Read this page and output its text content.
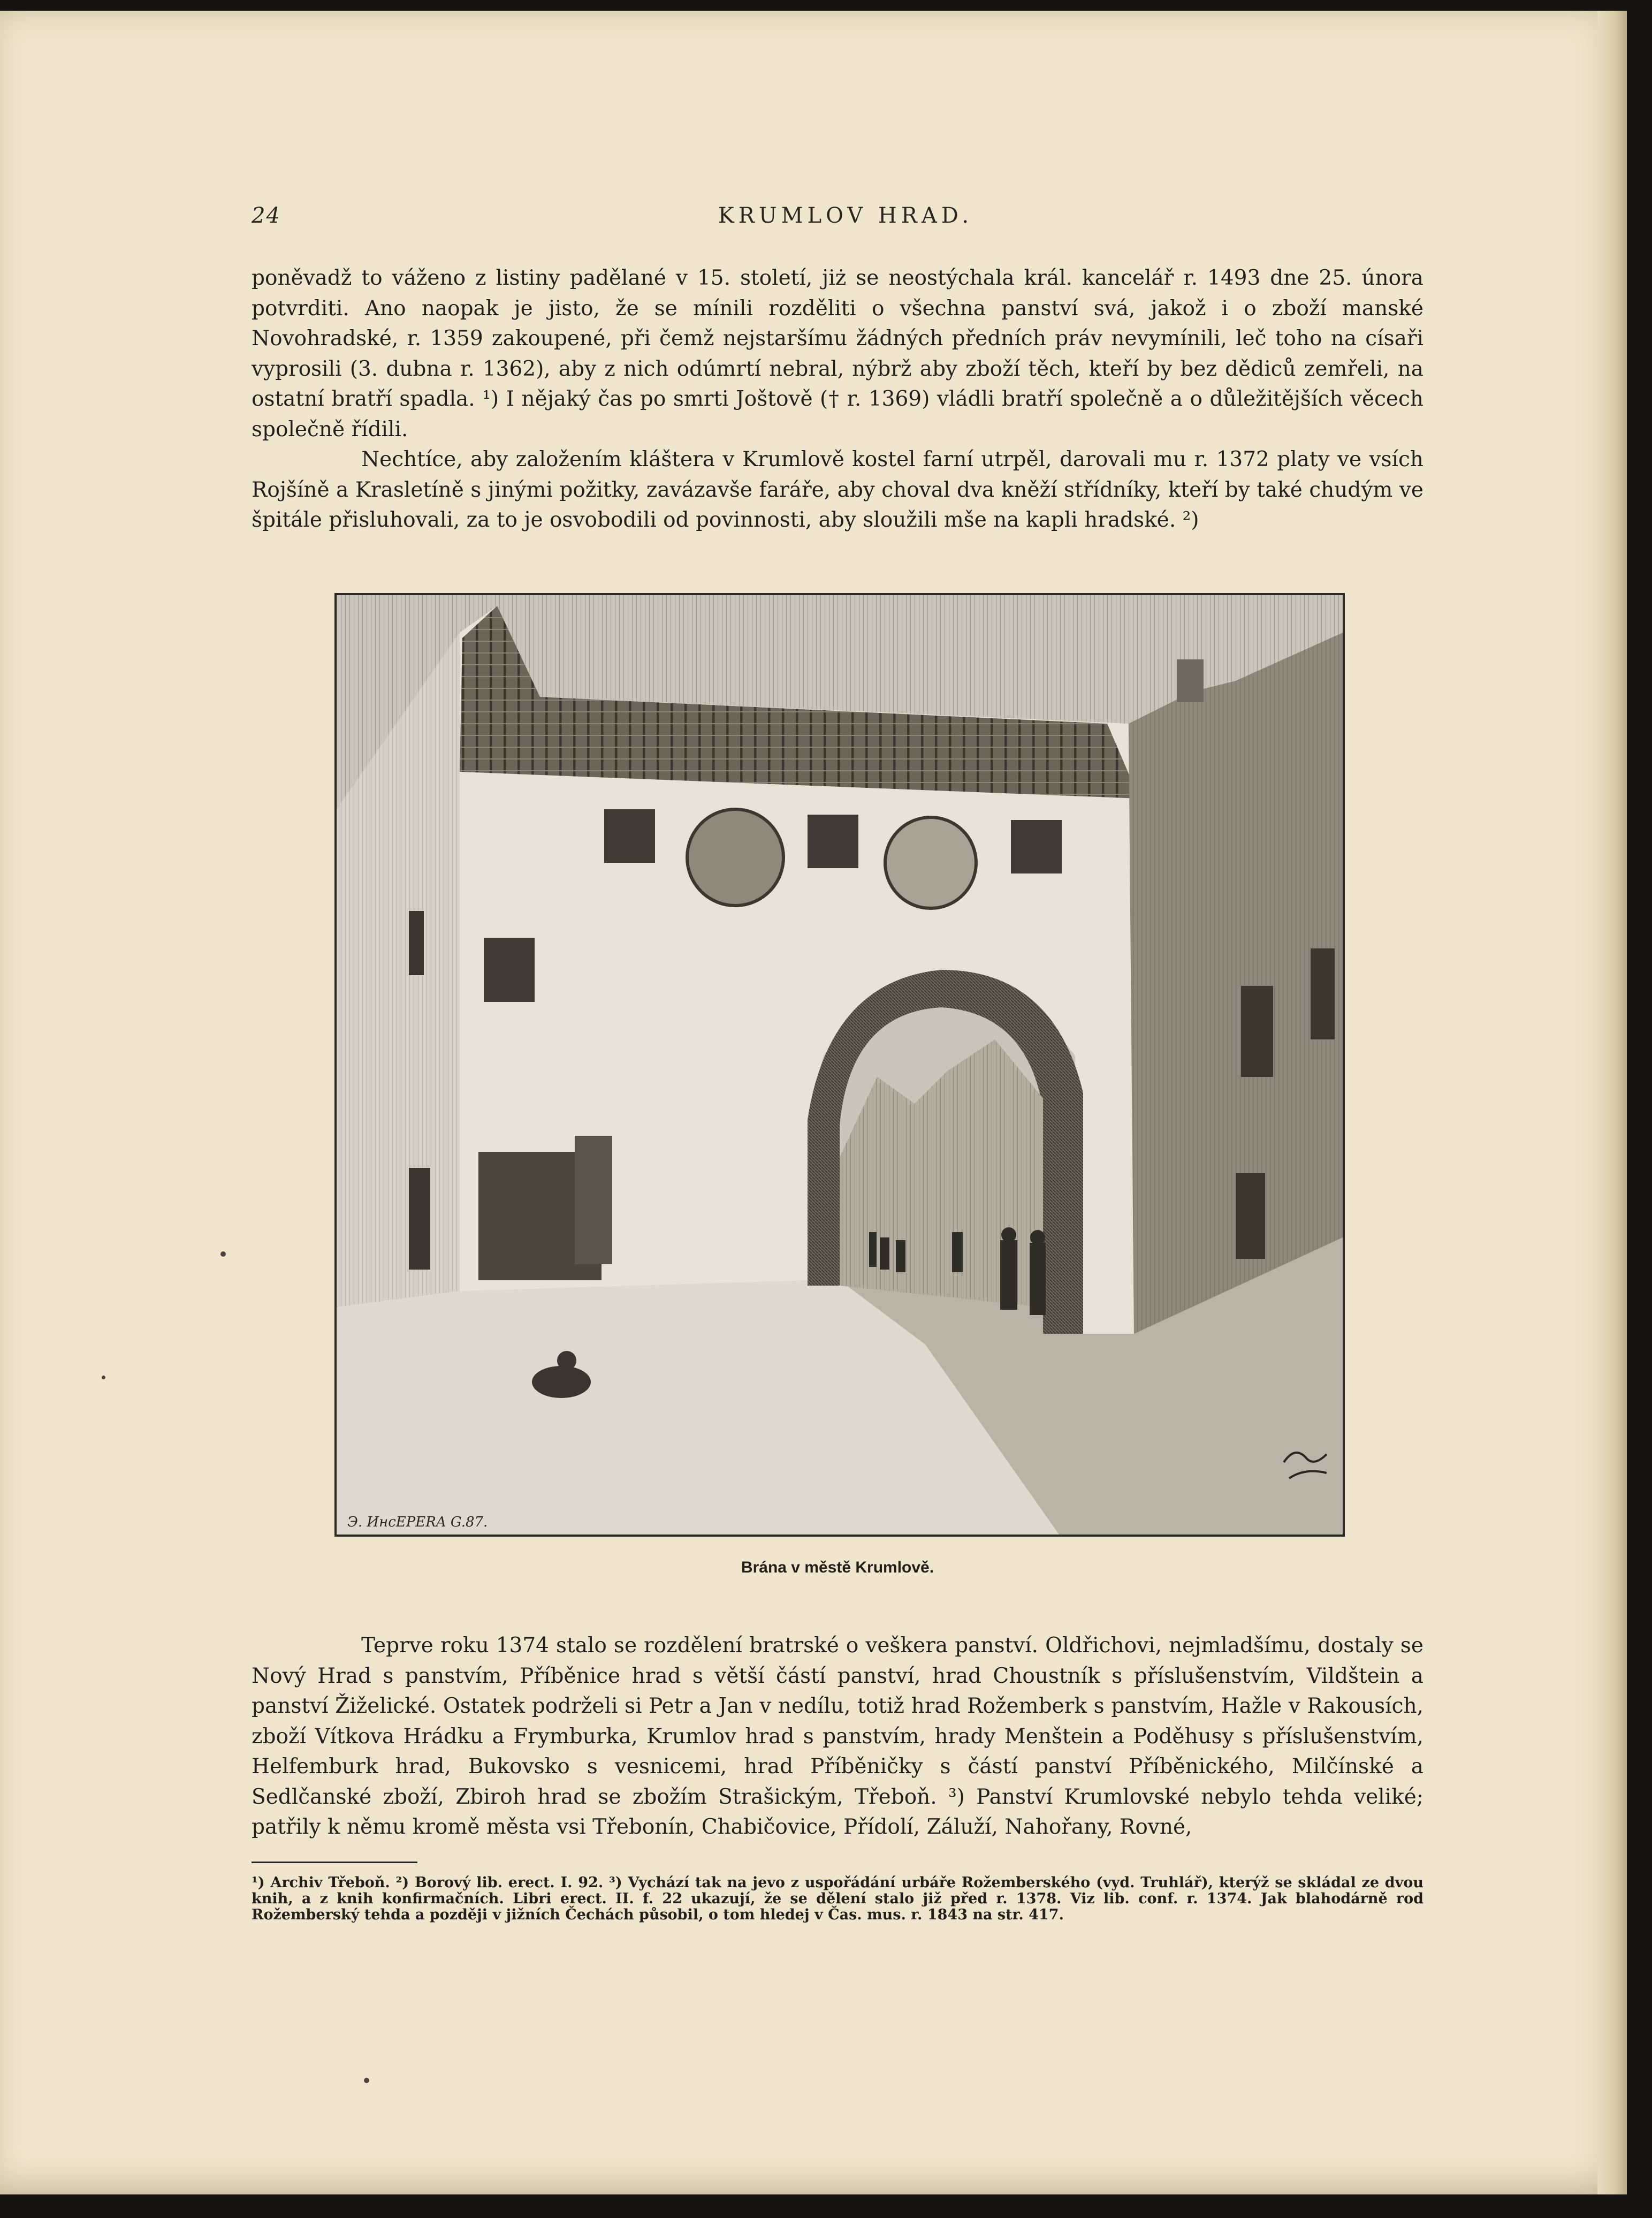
24	KRUMLOV HRAD.

poněvadž to váženo z listiny padělané v 15. století, jiż se neostýchala král. kancelář r. 1493 dne 25. února potvrditi. Ano naopak je jisto, že se mínili rozděliti o všechna panství svá, jakož i o zboží manské Novohradské, r. 1359 zakoupené, při čemž nejstaršímu žádných předních práv nevymínili, leč toho na císaři vyprosili (3. dubna r. 1362), aby z nich odúmrtí nebral, nýbrž aby zboží těch, kteří by bez dědiců zemřeli, na ostatní bratří spadla. ¹) I nějaký čas po smrti Joštově († r. 1369) vládli bratří společně a o důležitějších věcech společně řídili.

Nechtíce, aby založením kláštera v Krumlově kostel farní utrpěl, darovali mu r. 1372 platy ve vsích Rojšíně a Krasletíně s jinými požitky, zavázavše faráře, aby choval dva kněží střídníky, kteří by také chudým ve špitále přisluhovali, za to je osvobodili od povinnosti, aby sloužili mše na kapli hradské. ²)

Э. ИнсEРЕRA G.87.
Brána v městě Krumlově.

Teprve roku 1374 stalo se rozdělení bratrské o veškera panství. Oldřichovi, nejmladšímu, dostaly se Nový Hrad s panstvím, Příběnice hrad s větší částí panství, hrad Choustník s příslušenstvím, Vildštein a panství Žiželické. Ostatek podrželi si Petr a Jan v nedílu, totiž hrad Rožemberk s panstvím, Hažle v Rakousích, zboží Vítkova Hrádku a Frymburka, Krumlov hrad s panstvím, hrady Menštein a Poděhusy s příslušenstvím, Helfemburk hrad, Bukovsko s vesnicemi, hrad Příběničky s částí panství Příběnického, Milčínské a Sedlčanské zboží, Zbiroh hrad se zbožím Strašickým, Třeboň. ³) Panství Krumlovské nebylo tehda veliké; patřily k němu kromě města vsi Třebonín, Chabičovice, Přídolí, Záluží, Nahořany, Rovné,

¹) Archiv Třeboň. ²) Borový lib. erect. I. 92. ³) Vychází tak na jevo z uspořádání urbáře Rožemberského (vyd. Truhlář), kterýž se skládal ze dvou knih, a z knih konfirmačních. Libri erect. II. f. 22 ukazují, že se dělení stalo již před r. 1378. Viz lib. conf. r. 1374. Jak blahodárně rod Rožemberský tehda a později v jižních Čechách působil, o tom hledej v Čas. mus. r. 1843 na str. 417.
